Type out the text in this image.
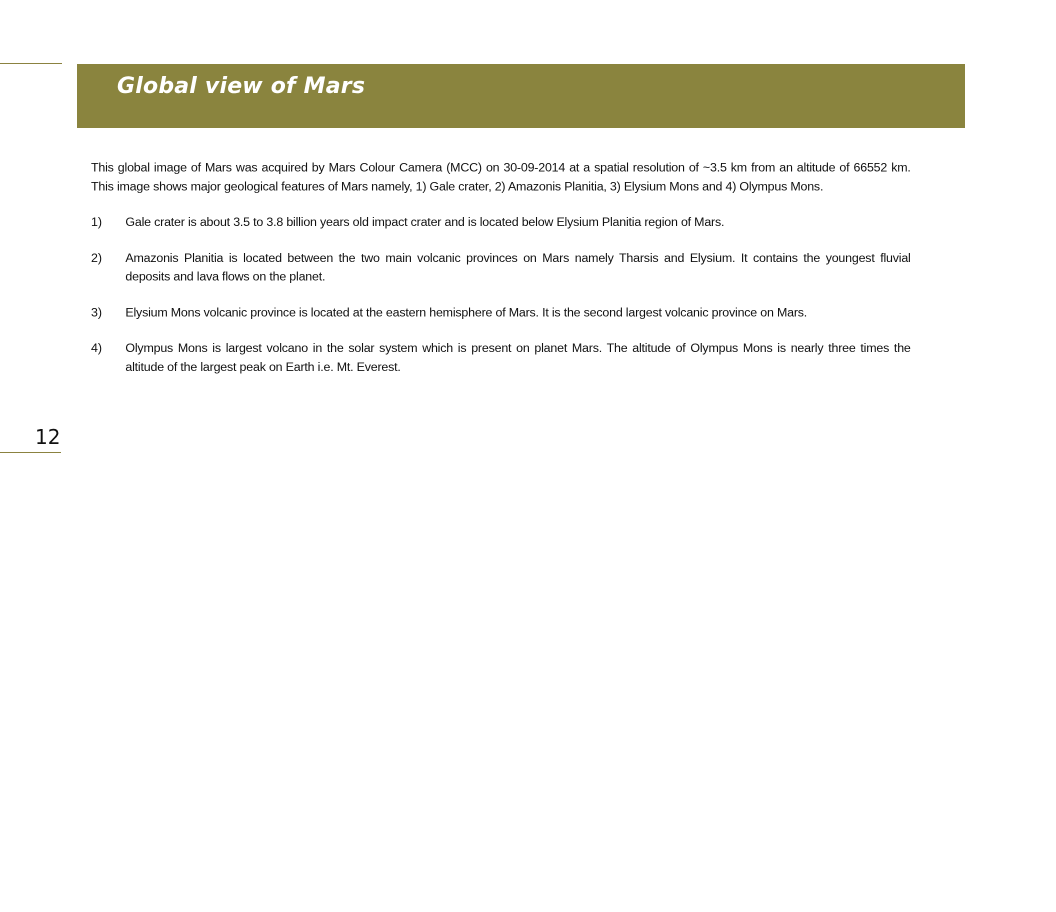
Global view of Mars

This global image of Mars was acquired by Mars Colour Camera (MCC) on 30-09-2014 at a spatial resolution of ~3.5 km from an altitude of 66552 km. This image shows major geological features of Mars namely, 1) Gale crater, 2) Amazonis Planitia, 3) Elysium Mons and 4) Olympus Mons.

1)	Gale crater is about 3.5 to 3.8 billion years old impact crater and is located below Elysium Planitia region of Mars.
2)	Amazonis Planitia is located between the two main volcanic provinces on Mars namely Tharsis and Elysium. It contains the youngest fluvial deposits and lava flows on the planet.
3)	Elysium Mons volcanic province is located at the eastern hemisphere of Mars. It is the second largest volcanic province on Mars.
4)	Olympus Mons is largest volcano in the solar system which is present on planet Mars. The altitude of Olympus Mons is nearly three times the altitude of the largest peak on Earth i.e. Mt. Everest.
12
